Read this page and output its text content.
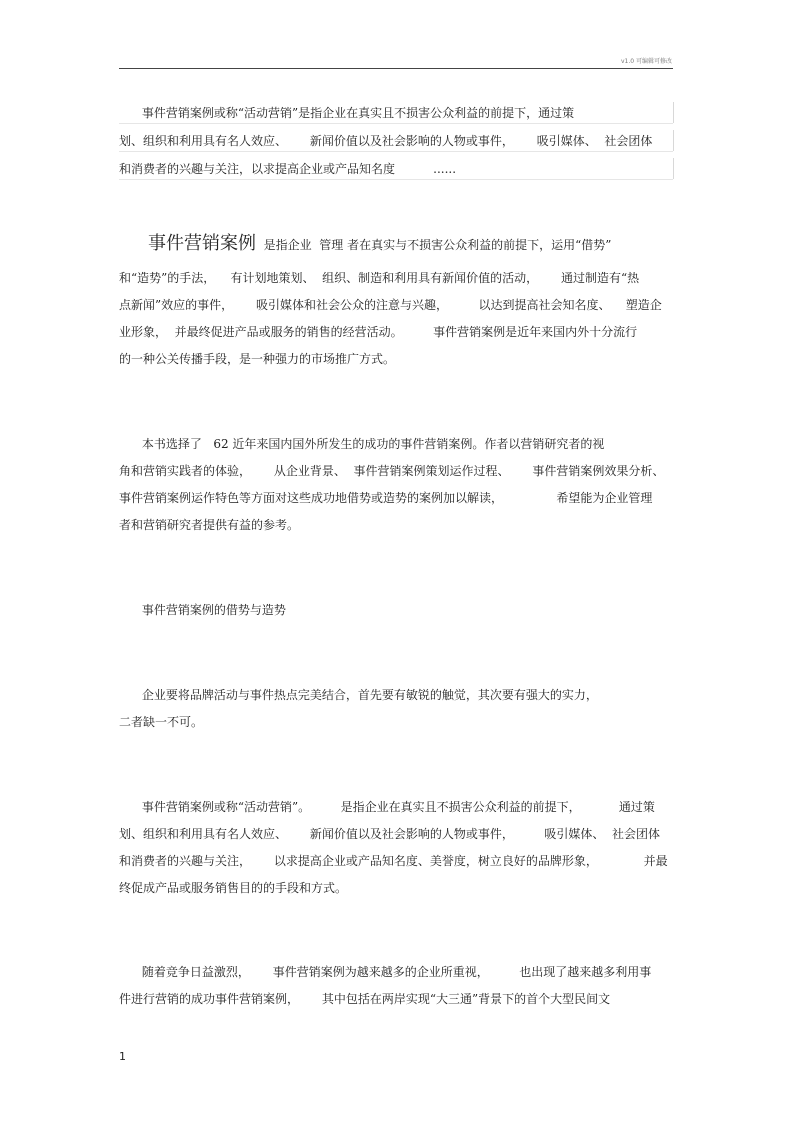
v1.0 可编辑可修改
事件营销案例或称“活动营销”是指企业在真实且不损害公众利益的前提下，通过策
划、组织和利用具有名人效应、      新闻价值以及社会影响的人物或事件，      吸引媒体、  社会团体
和消费者的兴趣与关注，以求提高企业或产品知名度          ......
事件营销案例  是指企业  管理 者在真实与不损害公众利益的前提下，运用“借势”
和“造势”的手法，    有计划地策划、  组织、制造和利用具有新闻价值的活动，      通过制造有“热
点新闻”效应的事件，      吸引媒体和社会公众的注意与兴趣，        以达到提高社会知名度、    塑造企
业形象，  并最终促进产品或服务的销售的经营活动。        事件营销案例是近年来国内外十分流行
的一种公关传播手段，是一种强力的市场推广方式。
本书选择了   62 近年来国内国外所发生的成功的事件营销案例。作者以营销研究者的视
角和营销实践者的体验，      从企业背景、  事件营销案例策划运作过程、      事件营销案例效果分析、
事件营销案例运作特色等方面对这些成功地借势或造势的案例加以解读，              希望能为企业管理
者和营销研究者提供有益的参考。
事件营销案例的借势与造势
企业要将品牌活动与事件热点完美结合，首先要有敏锐的触觉，其次要有强大的实力，
二者缺一不可。
事件营销案例或称“活动营销”。        是指企业在真实且不损害公众利益的前提下，          通过策
划、组织和利用具有名人效应、      新闻价值以及社会影响的人物或事件，        吸引媒体、  社会团体
和消费者的兴趣与关注，      以求提高企业或产品知名度、美誉度，树立良好的品牌形象，            并最
终促成产品或服务销售目的的手段和方式。
随着竞争日益激烈，      事件营销案例为越来越多的企业所重视，        也出现了越来越多利用事
件进行营销的成功事件营销案例，      其中包括在两岸实现“大三通”背景下的首个大型民间文
1
